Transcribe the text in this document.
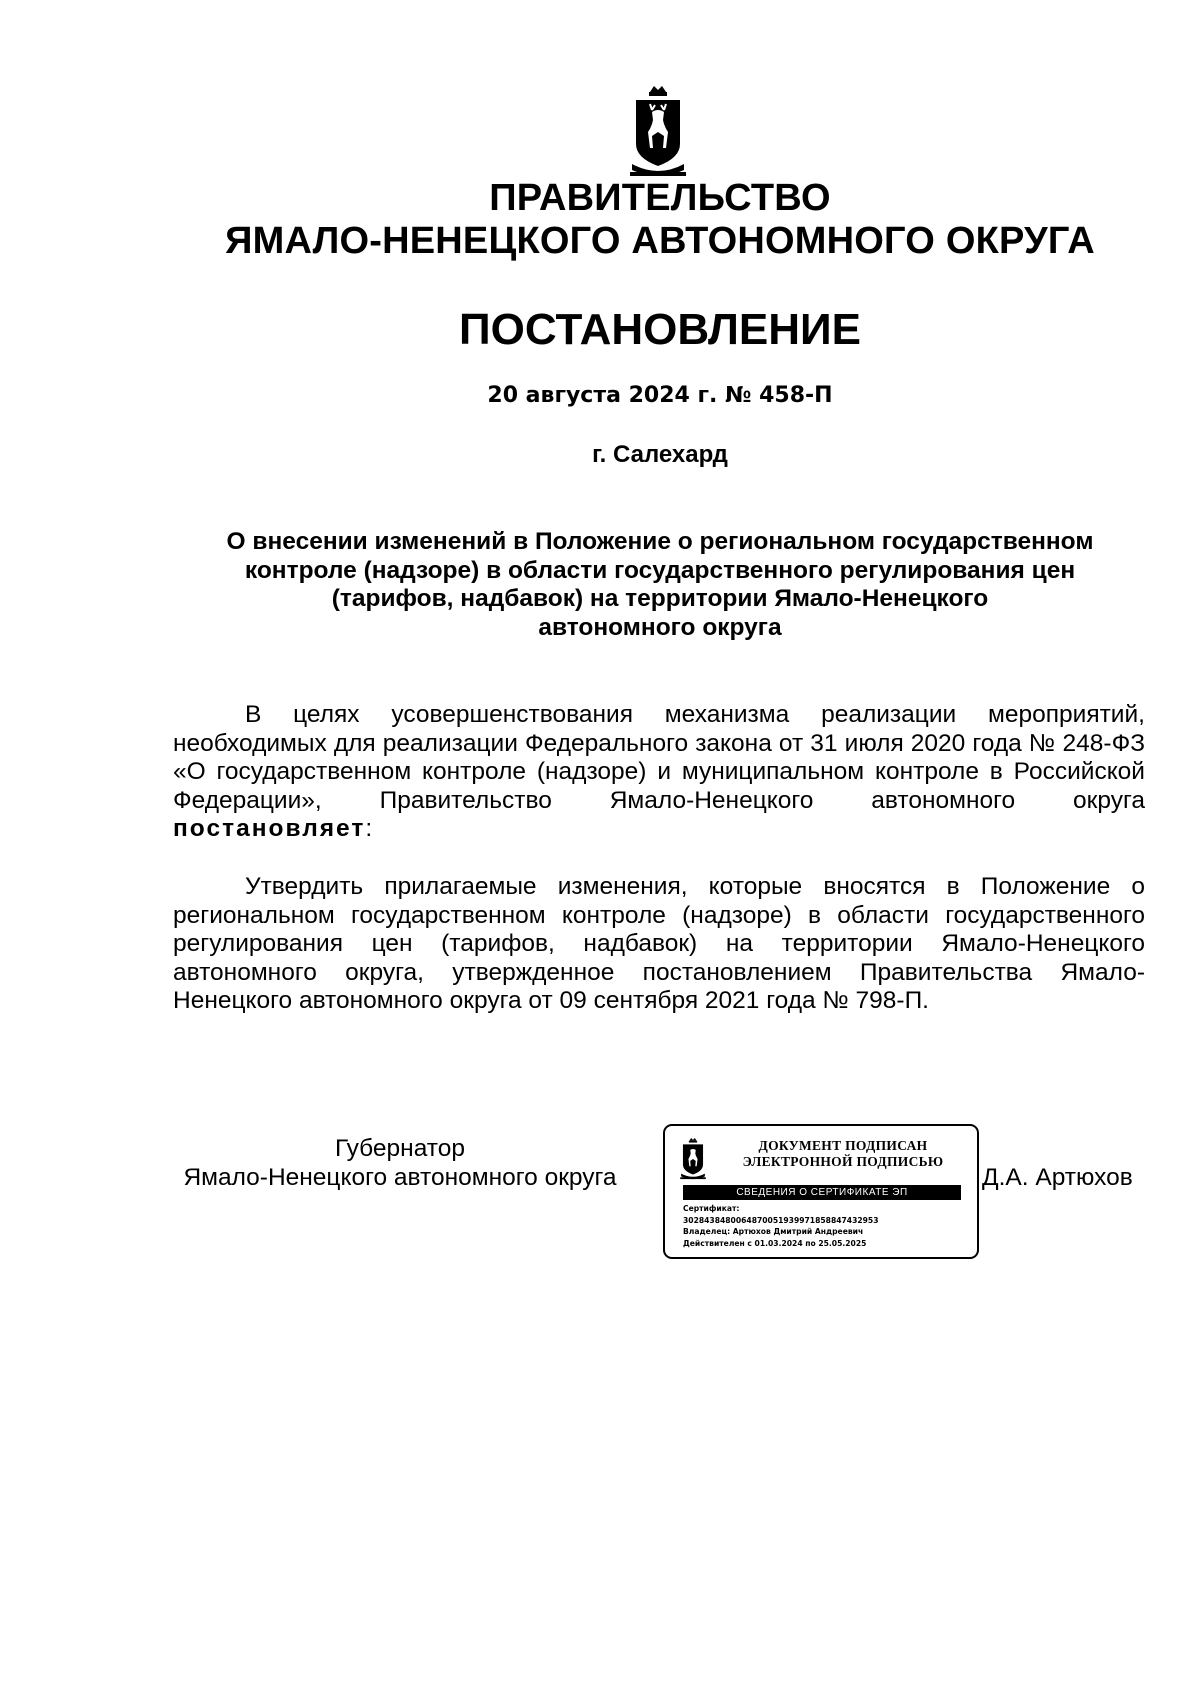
ПРАВИТЕЛЬСТВО
ЯМАЛО-НЕНЕЦКОГО АВТОНОМНОГО ОКРУГА
ПОСТАНОВЛЕНИЕ
20 августа 2024 г. № 458-П
г. Салехард
О внесении изменений в Положение о региональном государственном
контроле (надзоре) в области государственного регулирования цен
(тарифов, надбавок) на территории Ямало-Ненецкого
автономного округа
В целях усовершенствования механизма реализации мероприятий, необходимых для реализации Федерального закона от 31 июля 2020 года № 248-ФЗ «О государственном контроле (надзоре) и муниципальном контроле в Российской Федерации», Правительство Ямало-Ненецкого автономного округа постановляет:
Утвердить прилагаемые изменения, которые вносятся в Положение о региональном государственном контроле (надзоре) в области государственного регулирования цен (тарифов, надбавок) на территории Ямало-Ненецкого автономного округа, утвержденное постановлением Правительства Ямало-Ненецкого автономного округа от 09 сентября 2021 года № 798-П.
Губернатор
Ямало-Ненецкого автономного округа
ДОКУМЕНТ ПОДПИСАН
ЭЛЕКТРОННОЙ ПОДПИСЬЮ
СВЕДЕНИЯ О СЕРТИФИКАТЕ ЭП
Сертификат:
3028438480064870051939971858847432953
Владелец: Артюхов Дмитрий Андреевич
Действителен с 01.03.2024 по 25.05.2025
Д.А. Артюхов
